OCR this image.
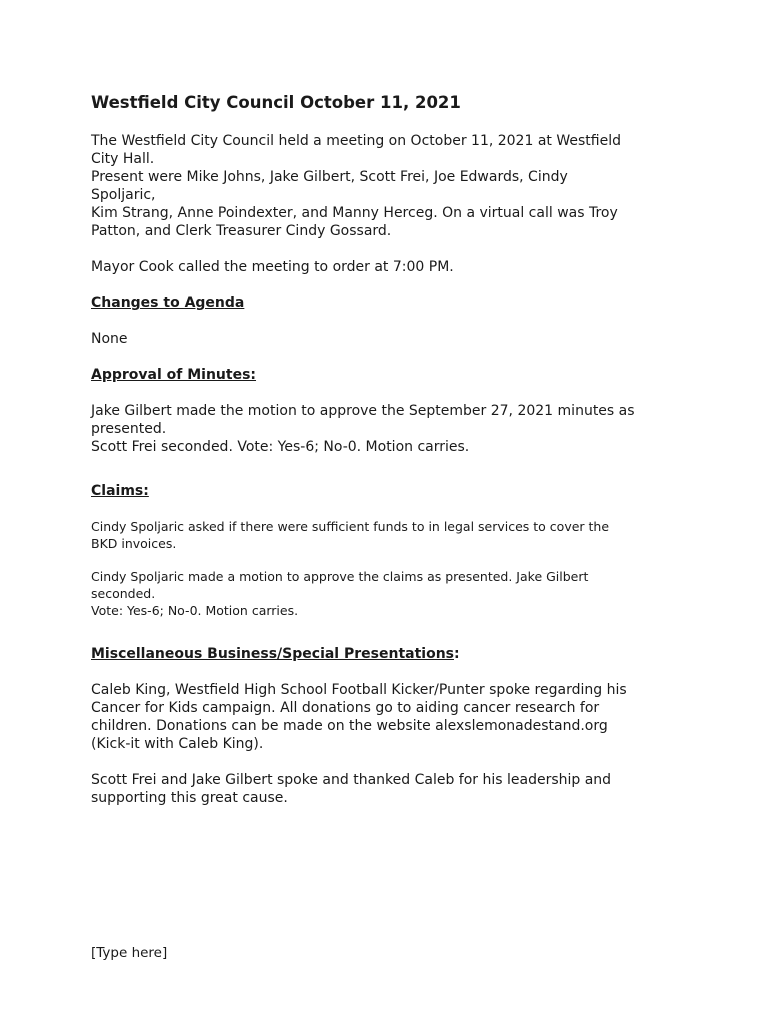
Westfield City Council October 11, 2021
The Westfield City Council held a meeting on October 11, 2021 at Westfield
City Hall.
Present were Mike Johns, Jake Gilbert, Scott Frei, Joe Edwards, Cindy
Spoljaric,
Kim Strang, Anne Poindexter, and Manny Herceg. On a virtual call was Troy
Patton, and Clerk Treasurer Cindy Gossard.
Mayor Cook called the meeting to order at 7:00 PM.
Changes to Agenda
None
Approval of Minutes:
Jake Gilbert made the motion to approve the September 27, 2021 minutes as
presented.
Scott Frei seconded. Vote: Yes-6; No-0. Motion carries.
Claims:
Cindy Spoljaric asked if there were sufficient funds to in legal services to cover the
BKD invoices.
Cindy Spoljaric made a motion to approve the claims as presented. Jake Gilbert
seconded.
Vote: Yes-6; No-0. Motion carries.
Miscellaneous Business/Special Presentations:
Caleb King, Westfield High School Football Kicker/Punter spoke regarding his
Cancer for Kids campaign. All donations go to aiding cancer research for
children. Donations can be made on the website alexslemonadestand.org
(Kick-it with Caleb King).
Scott Frei and Jake Gilbert spoke and thanked Caleb for his leadership and
supporting this great cause.
[Type here]
